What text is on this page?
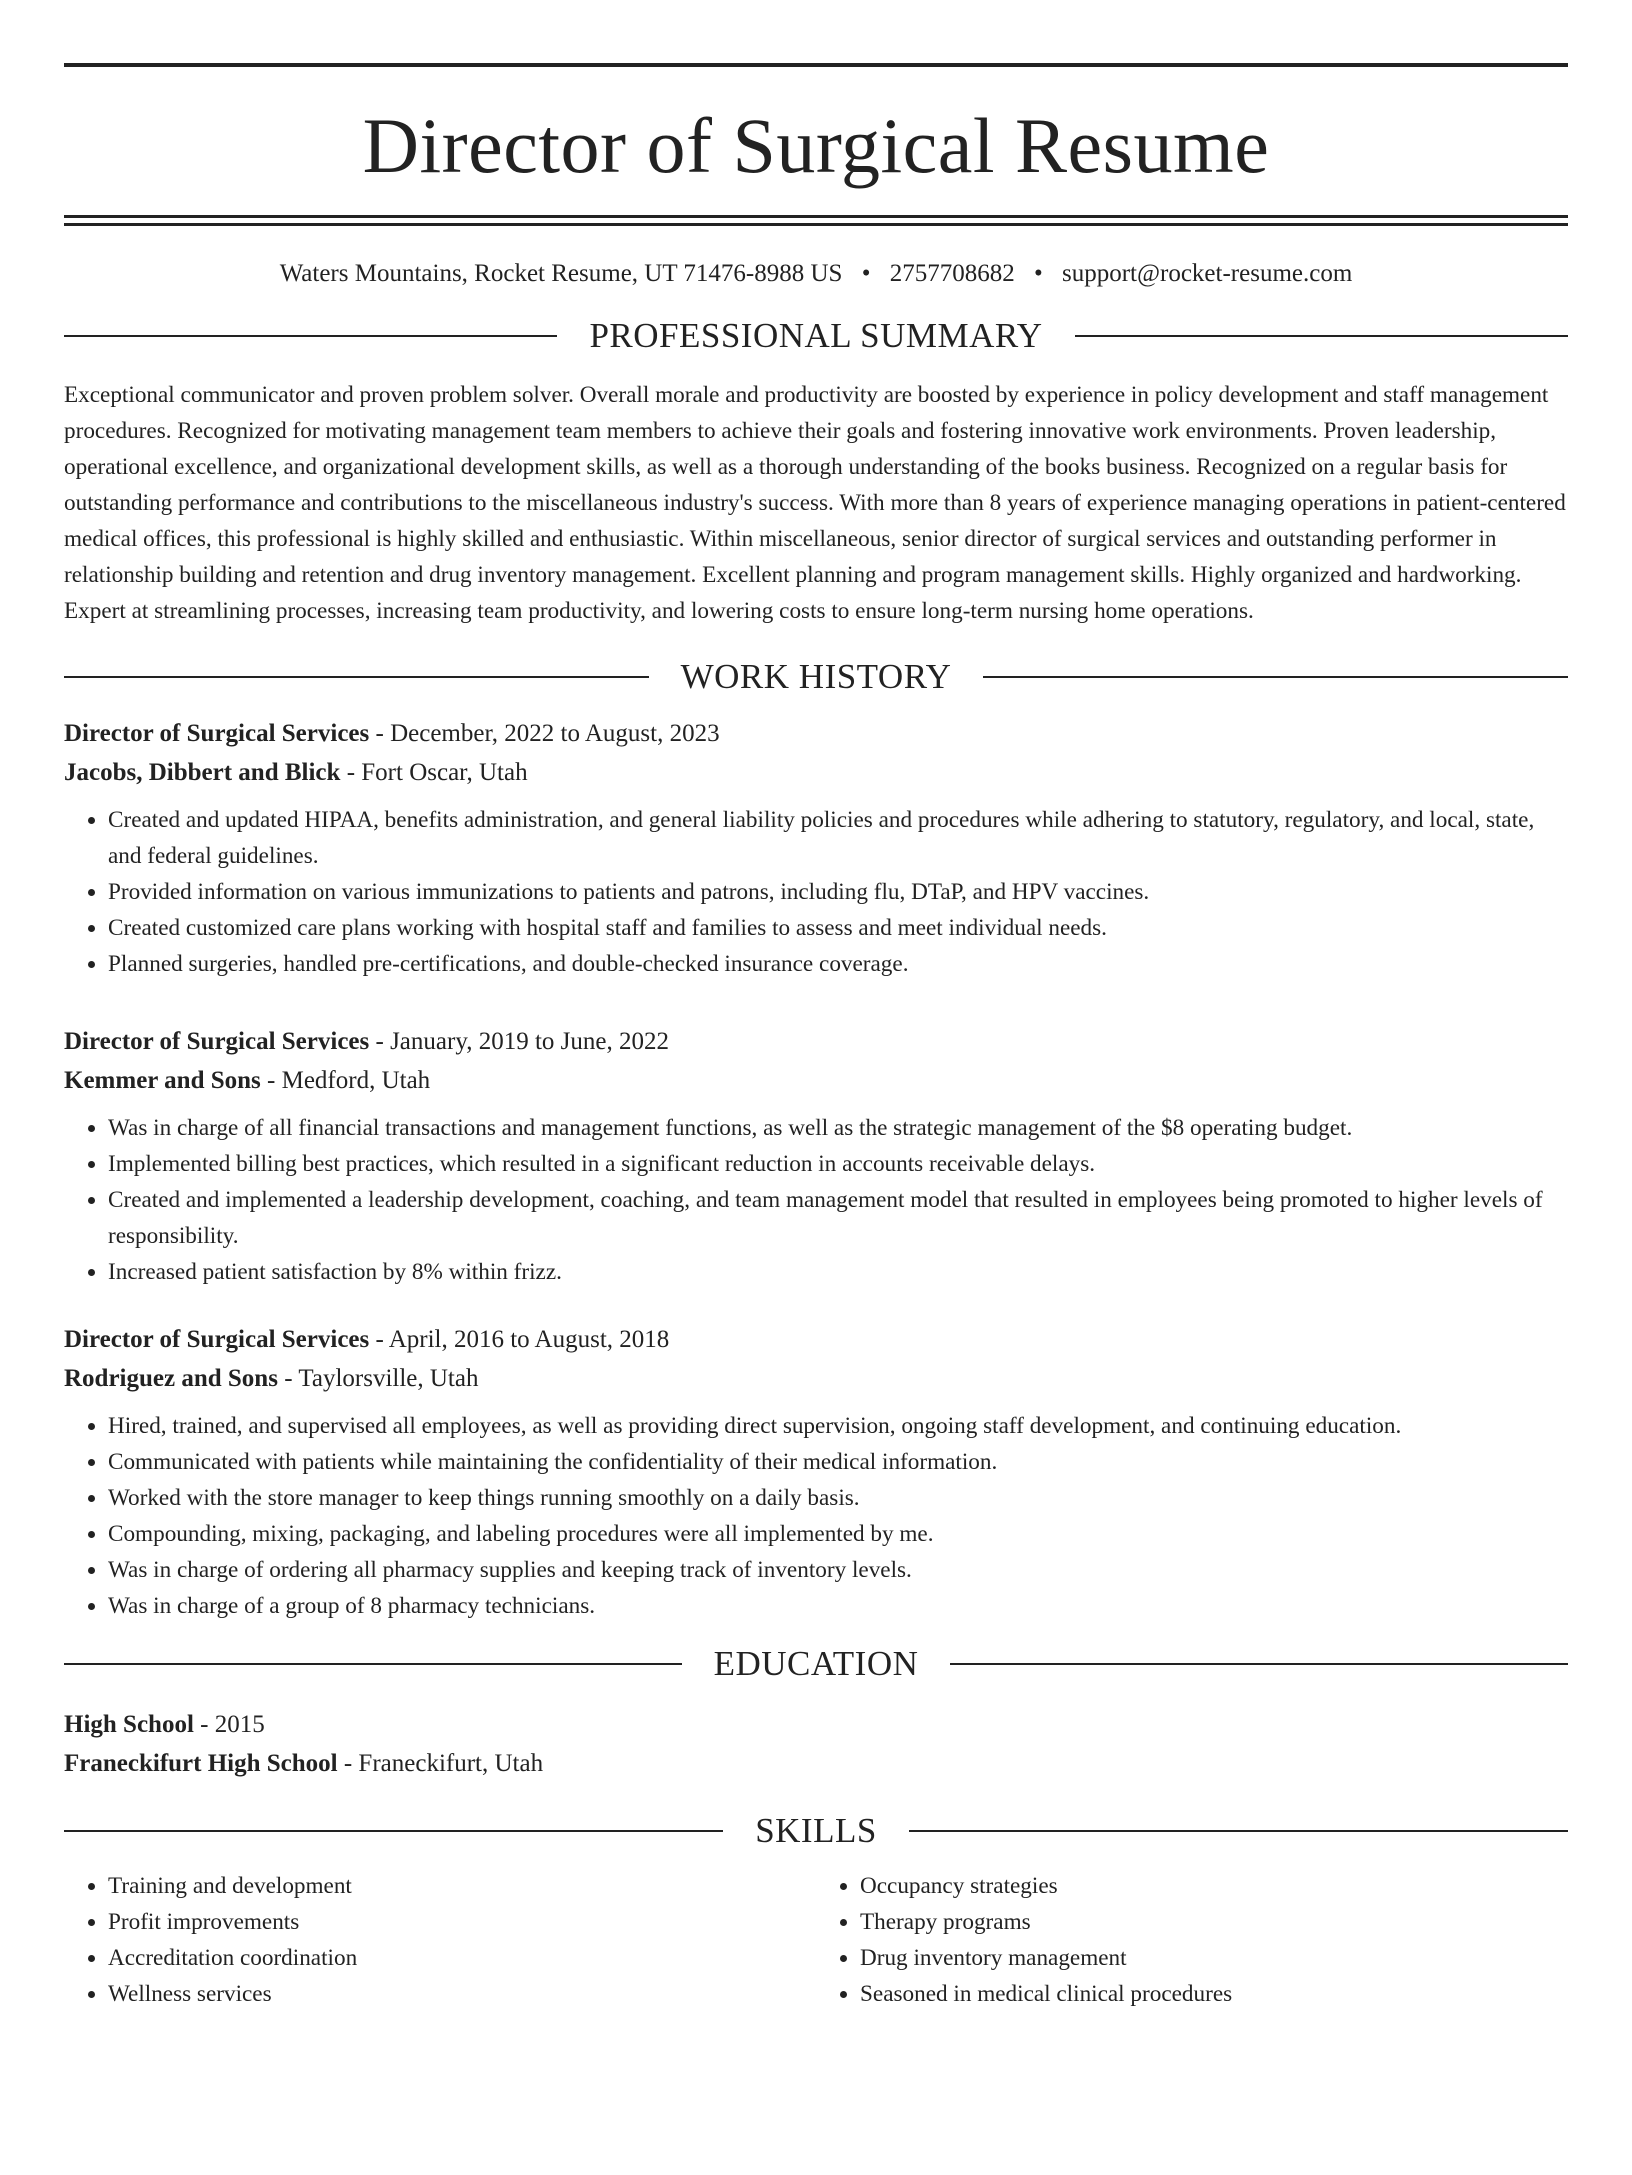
Director of Surgical Resume
Waters Mountains, Rocket Resume, UT 71476-8988 US • 2757708682 • support@rocket-resume.com
PROFESSIONAL SUMMARY
Exceptional communicator and proven problem solver. Overall morale and productivity are boosted by experience in policy development and staff management procedures. Recognized for motivating management team members to achieve their goals and fostering innovative work environments. Proven leadership, operational excellence, and organizational development skills, as well as a thorough understanding of the books business. Recognized on a regular basis for outstanding performance and contributions to the miscellaneous industry's success. With more than 8 years of experience managing operations in patient-centered medical offices, this professional is highly skilled and enthusiastic. Within miscellaneous, senior director of surgical services and outstanding performer in relationship building and retention and drug inventory management. Excellent planning and program management skills. Highly organized and hardworking. Expert at streamlining processes, increasing team productivity, and lowering costs to ensure long-term nursing home operations.
WORK HISTORY
Director of Surgical Services - December, 2022 to August, 2023
Jacobs, Dibbert and Blick - Fort Oscar, Utah
• Created and updated HIPAA, benefits administration, and general liability policies and procedures while adhering to statutory, regulatory, and local, state, and federal guidelines.
• Provided information on various immunizations to patients and patrons, including flu, DTaP, and HPV vaccines.
• Created customized care plans working with hospital staff and families to assess and meet individual needs.
• Planned surgeries, handled pre-certifications, and double-checked insurance coverage.
Director of Surgical Services - January, 2019 to June, 2022
Kemmer and Sons - Medford, Utah
• Was in charge of all financial transactions and management functions, as well as the strategic management of the $8 operating budget.
• Implemented billing best practices, which resulted in a significant reduction in accounts receivable delays.
• Created and implemented a leadership development, coaching, and team management model that resulted in employees being promoted to higher levels of responsibility.
• Increased patient satisfaction by 8% within frizz.
Director of Surgical Services - April, 2016 to August, 2018
Rodriguez and Sons - Taylorsville, Utah
• Hired, trained, and supervised all employees, as well as providing direct supervision, ongoing staff development, and continuing education.
• Communicated with patients while maintaining the confidentiality of their medical information.
• Worked with the store manager to keep things running smoothly on a daily basis.
• Compounding, mixing, packaging, and labeling procedures were all implemented by me.
• Was in charge of ordering all pharmacy supplies and keeping track of inventory levels.
• Was in charge of a group of 8 pharmacy technicians.
EDUCATION
High School - 2015
Franeckifurt High School - Franeckifurt, Utah
SKILLS
• Training and development
• Profit improvements
• Accreditation coordination
• Wellness services
• Occupancy strategies
• Therapy programs
• Drug inventory management
• Seasoned in medical clinical procedures
